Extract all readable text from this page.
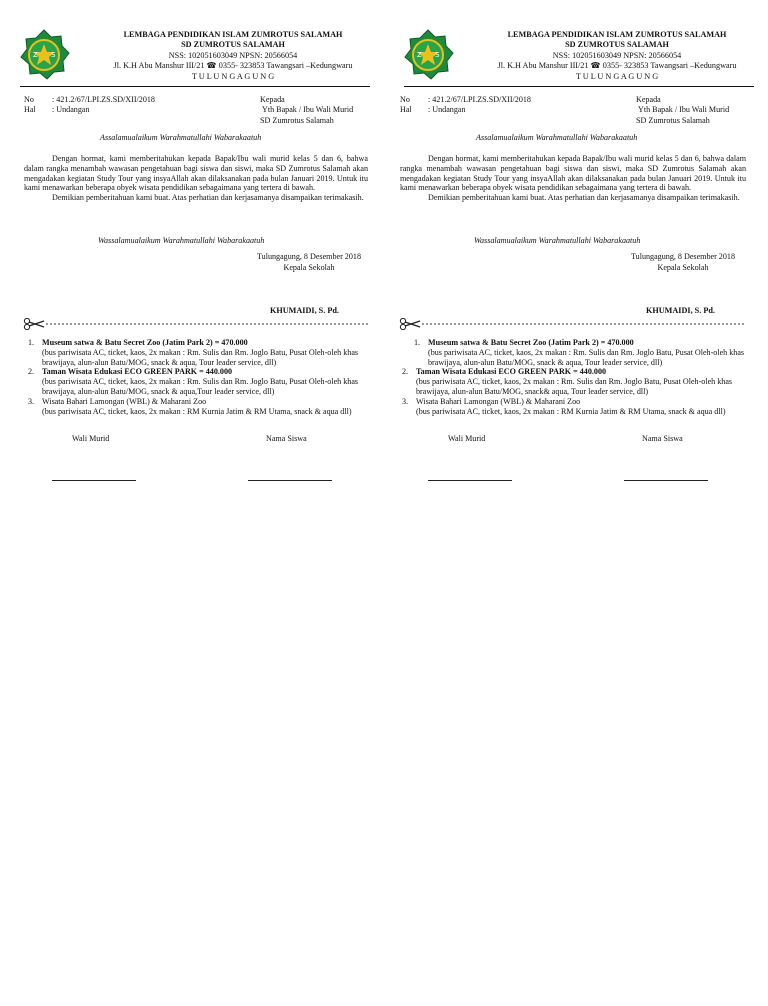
Z S
LEMBAGA PENDIDIKAN ISLAM ZUMROTUS SALAMAH
SD ZUMROTUS SALAMAH
NSS: 102051603049 NPSN: 20566054
Jl. K.H Abu Manshur III/21 ☎ 0355- 323853 Tawangsari –Kedungwaru
T U L U N G A G U N G
No : 421.2/67/LPI.ZS.SD/XII/2018
Hal : Undangan
Kepada
Yth Bapak / Ibu Wali Murid
SD Zumrotus Salamah
Assalamualaikum Warahmatullahi Wabarakaatuh

Dengan hormat, kami memberitahukan kepada Bapak/Ibu wali murid kelas 5 dan 6, bahwa dalam rangka menambah wawasan pengetahuan bagi siswa dan siswi, maka SD Zumrotus Salamah akan mengadakan kegiatan Study Tour yang insyaAllah akan dilaksanakan pada bulan Januari 2019. Untuk itu kami menawarkan beberapa obyek wisata pendidikan sebagaimana yang tertera di bawah.

Demikian pemberitahuan kami buat. Atas perhatian dan kerjasamanya disampaikan terimakasih.

Wassalamualaikum Warahmatullahi Wabarakaatuh
Tulungagung, 8 Desember 2018
Kepala Sekolah
KHUMAIDI, S. Pd.
1. Museum satwa & Batu Secret Zoo (Jatim Park 2) = 470.000
(bus pariwisata AC, ticket, kaos, 2x makan : Rm. Sulis dan Rm. Joglo Batu, Pusat Oleh-oleh khas brawijaya, alun-alun Batu/MOG, snack & aqua, Tour leader service, dll)
2. Taman Wisata Edukasi ECO GREEN PARK = 440.000
(bus pariwisata AC, ticket, kaos, 2x makan : Rm. Sulis dan Rm. Joglo Batu, Pusat Oleh-oleh khas brawijaya, alun-alun Batu/MOG, snack & aqua,Tour leader service, dll)
3. Wisata Bahari Lamongan (WBL) & Maharani Zoo
(bus pariwisata AC, ticket, kaos, 2x makan : RM Kurnia Jatim & RM Utama, snack & aqua dll)
Wali Murid	Nama Siswa
Z S
LEMBAGA PENDIDIKAN ISLAM ZUMROTUS SALAMAH
SD ZUMROTUS SALAMAH
NSS: 102051603049 NPSN: 20566054
Jl. K.H Abu Manshur III/21 ☎ 0355- 323853 Tawangsari –Kedungwaru
T U L U N G A G U N G
No : 421.2/67/LPI.ZS.SD/XII/2018
Hal : Undangan
Kepada
Yth Bapak / Ibu Wali Murid
SD Zumrotus Salamah
Assalamualaikum Warahmatullahi Wabarakaatuh

Dengan hormat, kami memberitahukan kepada Bapak/Ibu wali murid kelas 5 dan 6, bahwa dalam rangka menambah wawasan pengetahuan bagi siswa dan siswi, maka SD Zumrotus Salamah akan mengadakan kegiatan Study Tour yang insyaAllah akan dilaksanakan pada bulan Januari 2019. Untuk itu kami menawarkan beberapa obyek wisata pendidikan sebagaimana yang tertera di bawah.

Demikian pemberitahuan kami buat. Atas perhatian dan kerjasamanya disampaikan terimakasih.

Wassalamualaikum Warahmatullahi Wabarakaatuh
Tulungagung, 8 Desember 2018
Kepala Sekolah
KHUMAIDI, S. Pd.
1. Museum satwa & Batu Secret Zoo (Jatim Park 2) = 470.000
(bus pariwisata AC, ticket, kaos, 2x makan : Rm. Sulis dan Rm. Joglo Batu, Pusat Oleh-oleh khas brawijaya, alun-alun Batu/MOG, snack & aqua, Tour leader service, dll)
2. Taman Wisata Edukasi ECO GREEN PARK = 440.000
(bus pariwisata AC, ticket, kaos, 2x makan : Rm. Sulis dan Rm. Joglo Batu, Pusat Oleh-oleh khas brawijaya, alun-alun Batu/MOG, snack& aqua, Tour leader service, dll)
3. Wisata Bahari Lamongan (WBL) & Maharani Zoo
(bus pariwisata AC, ticket, kaos, 2x makan : RM Kurnia Jatim & RM Utama, snack & aqua dll)
Wali Murid	Nama Siswa
